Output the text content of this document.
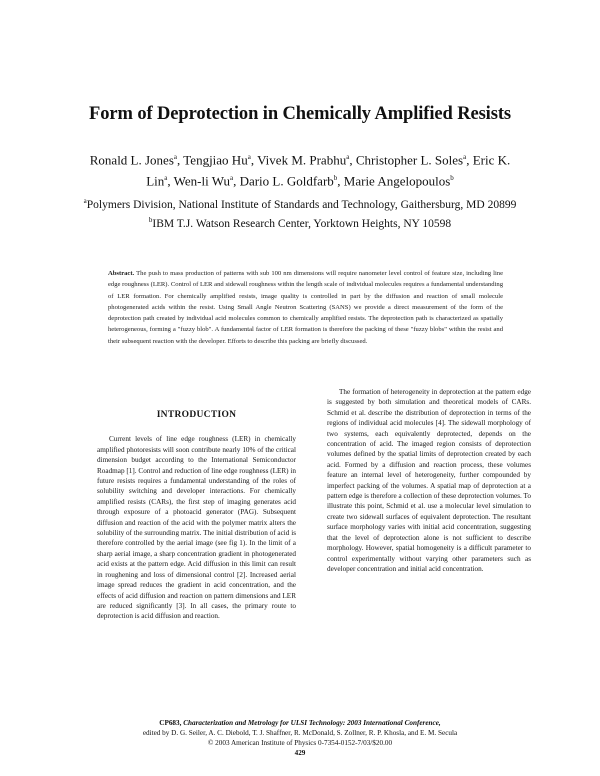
Form of Deprotection in Chemically Amplified Resists
Ronald L. Jones$^a$, Tengjiao Hu$^a$, Vivek M. Prabhu$^a$, Christopher L. Soles$^a$, Eric K.
Lin$^a$, Wen-li Wu$^a$, Dario L. Goldfarb$^b$, Marie Angelopoulos$^b$
$^a$Polymers Division, National Institute of Standards and Technology, Gaithersburg, MD 20899
$^b$IBM T.J. Watson Research Center, Yorktown Heights, NY 10598
Abstract. The push to mass production of patterns with sub 100 nm dimensions will require nanometer level control of feature size, including line edge roughness (LER). Control of LER and sidewall roughness within the length scale of individual molecules requires a fundamental understanding of LER formation. For chemically amplified resists, image quality is controlled in part by the diffusion and reaction of small molecule photogenerated acids within the resist. Using Small Angle Neutron Scattering (SANS) we provide a direct measurement of the form of the deprotection path created by individual acid molecules common to chemically amplified resists. The deprotection path is characterized as spatially heterogeneous, forming a "fuzzy blob". A fundamental factor of LER formation is therefore the packing of these "fuzzy blobs" within the resist and their subsequent reaction with the developer. Efforts to describe this packing are briefly discussed.
INTRODUCTION

Current levels of line edge roughness (LER) in chemically amplified photoresists will soon contribute nearly 10% of the critical dimension budget according to the International Semiconductor Roadmap [1]. Control and reduction of line edge roughness (LER) in future resists requires a fundamental understanding of the roles of solubility switching and developer interactions. For chemically amplified resists (CARs), the first step of imaging generates acid through exposure of a photoacid generator (PAG). Subsequent diffusion and reaction of the acid with the polymer matrix alters the solubility of the surrounding matrix. The initial distribution of acid is therefore controlled by the aerial image (see fig 1). In the limit of a sharp aerial image, a sharp concentration gradient in photogenerated acid exists at the pattern edge. Acid diffusion in this limit can result in roughening and loss of dimensional control [2]. Increased aerial image spread reduces the gradient in acid concentration, and the effects of acid diffusion and reaction on pattern dimensions and LER are reduced significantly [3]. In all cases, the primary route to deprotection is acid diffusion and reaction.

The formation of heterogeneity in deprotection at the pattern edge is suggested by both simulation and theoretical models of CARs. Schmid et al. describe the distribution of deprotection in terms of the regions of individual acid molecules [4]. The sidewall morphology of two systems, each equivalently deprotected, depends on the concentration of acid. The imaged region consists of deprotection volumes defined by the spatial limits of deprotection created by each acid. Formed by a diffusion and reaction process, these volumes feature an internal level of heterogeneity, further compounded by imperfect packing of the volumes. A spatial map of deprotection at a pattern edge is therefore a collection of these deprotection volumes. To illustrate this point, Schmid et al. use a molecular level simulation to create two sidewall surfaces of equivalent deprotection. The resultant surface morphology varies with initial acid concentration, suggesting that the level of deprotection alone is not sufficient to describe morphology. However, spatial homogeneity is a difficult parameter to control experimentally without varying other parameters such as developer concentration and initial acid concentration.

CP683, Characterization and Metrology for ULSI Technology: 2003 International Conference,
edited by D. G. Seiler, A. C. Diebold, T. J. Shaffner, R. McDonald, S. Zollner, R. P. Khosla, and E. M. Secula
© 2003 American Institute of Physics 0-7354-0152-7/03/$20.00
429
